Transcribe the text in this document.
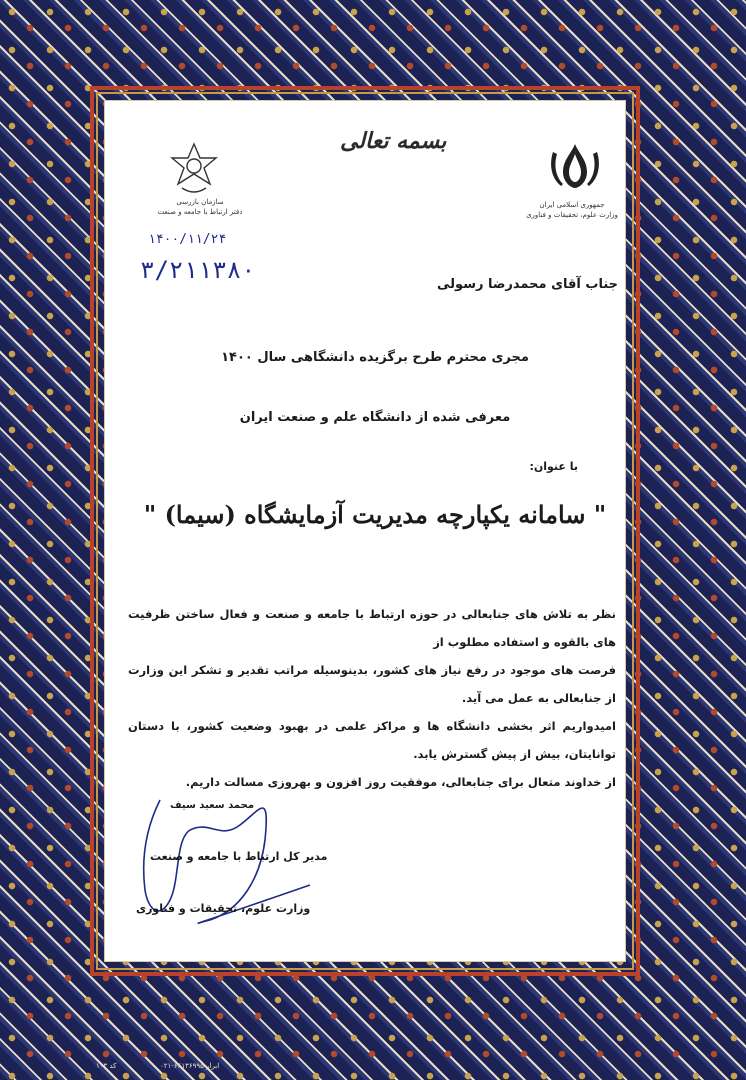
سازمان بازرسی
دفتر ارتباط با جامعه و صنعت
جمهوری اسلامی ایران
وزارت علوم، تحقیقات و فناوری
بسمه تعالی
۱۴۰۰/۱۱/۲۴
۳/۲۱۱۳۸۰
جناب آقای محمدرضا رسولی
مجری محترم طرح برگزیده دانشگاهی سال ۱۴۰۰
معرفی شده از دانشگاه علم و صنعت ایران
با عنوان:
" سامانه یکپارچه مدیریت آزمایشگاه (سیما) "
نظر به تلاش های جنابعالی در حوزه ارتباط با جامعه و صنعت و فعال ساختن ظرفیت های بالقوه و استفاده مطلوب از
فرصت های موجود در رفع نیاز های کشور، بدینوسیله مراتب تقدیر و تشکر این وزارت از جنابعالی به عمل می آید.
امیدواریم اثر بخشی دانشگاه ها و مراکز علمی در بهبود وضعیت کشور، با دستان توانایتان، بیش از پیش گسترش یابد.
از خداوند متعال برای جنابعالی، موفقیت روز افزون و بهروزی مسالت داریم.
محمد سعید سیف
مدیر کل ارتباط با جامعه و صنعت
وزارت علوم، تحقیقات و فناوری
کد ۱۰۳	ابرار ۶۶۱۳۶۹۹۵-۰۲۱
